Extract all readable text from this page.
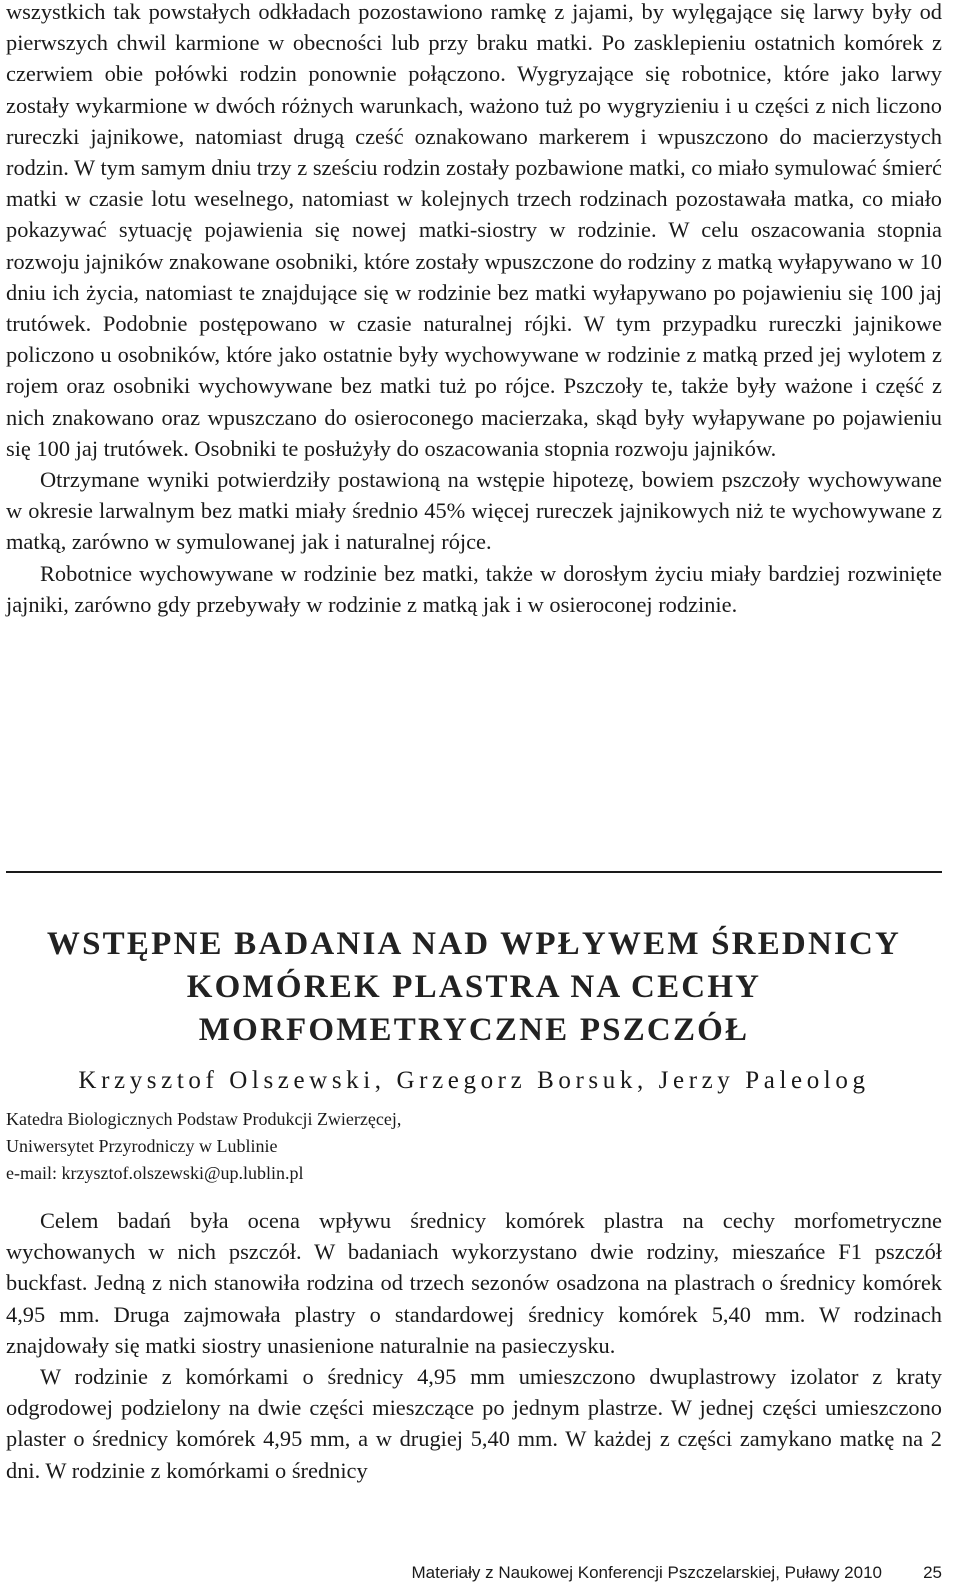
wszystkich tak powstałych odkładach pozostawiono ramkę z jajami, by wylęgające się larwy były od pierwszych chwil karmione w obecności lub przy braku matki. Po zasklepieniu ostatnich komórek z czerwiem obie połówki rodzin ponownie połączono. Wygryzające się robotnice, które jako larwy zostały wykarmione w dwóch różnych warunkach, ważono tuż po wygryzieniu i u części z nich liczono rureczki jajnikowe, natomiast drugą cześć oznakowano markerem i wpuszczono do macierzystych rodzin. W tym samym dniu trzy z sześciu rodzin zostały pozbawione matki, co miało symulować śmierć matki w czasie lotu weselnego, natomiast w kolejnych trzech rodzinach pozostawała matka, co miało pokazywać sytuację pojawienia się nowej matki-siostry w rodzinie. W celu oszacowania stopnia rozwoju jajników znakowane osobniki, które zostały wpuszczone do rodziny z matką wyłapywano w 10 dniu ich życia, natomiast te znajdujące się w rodzinie bez matki wyłapywano po pojawieniu się 100 jaj trutówek. Podobnie postępowano w czasie naturalnej rójki. W tym przypadku rureczki jajnikowe policzono u osobników, które jako ostatnie były wychowywane w rodzinie z matką przed jej wylotem z rojem oraz osobniki wychowywane bez matki tuż po rójce. Pszczoły te, także były ważone i część z nich znakowano oraz wpuszczano do osieroconego macierzaka, skąd były wyłapywane po pojawieniu się 100 jaj trutówek. Osobniki te posłużyły do oszacowania stopnia rozwoju jajników.

Otrzymane wyniki potwierdziły postawioną na wstępie hipotezę, bowiem pszczoły wychowywane w okresie larwalnym bez matki miały średnio 45% więcej rureczek jajnikowych niż te wychowywane z matką, zarówno w symulowanej jak i naturalnej rójce.

Robotnice wychowywane w rodzinie bez matki, także w dorosłym życiu miały bardziej rozwinięte jajniki, zarówno gdy przebywały w rodzinie z matką jak i w osieroconej rodzinie.

WSTĘPNE BADANIA NAD WPŁYWEM ŚREDNICY
KOMÓREK PLASTRA NA CECHY
MORFOMETRYCZNE PSZCZÓŁ
Krzysztof Olszewski, Grzegorz Borsuk, Jerzy Paleolog
Katedra Biologicznych Podstaw Produkcji Zwierzęcej,
Uniwersytet Przyrodniczy w Lublinie
e-mail: krzysztof.olszewski@up.lublin.pl

Celem badań była ocena wpływu średnicy komórek plastra na cechy morfometryczne wychowanych w nich pszczół. W badaniach wykorzystano dwie rodziny, mieszańce F1 pszczół buckfast. Jedną z nich stanowiła rodzina od trzech sezonów osadzona na plastrach o średnicy komórek 4,95 mm. Druga zajmowała plastry o standardowej średnicy komórek 5,40 mm. W rodzinach znajdowały się matki siostry unasienione naturalnie na pasieczysku.

W rodzinie z komórkami o średnicy 4,95 mm umieszczono dwuplastrowy izolator z kraty odgrodowej podzielony na dwie części mieszczące po jednym plastrze. W jednej części umieszczono plaster o średnicy komórek 4,95 mm, a w drugiej 5,40 mm. W każdej z części zamykano matkę na 2 dni. W rodzinie z komórkami o średnicy

Materiały z Naukowej Konferencji Pszczelarskiej, Puławy 2010 25
